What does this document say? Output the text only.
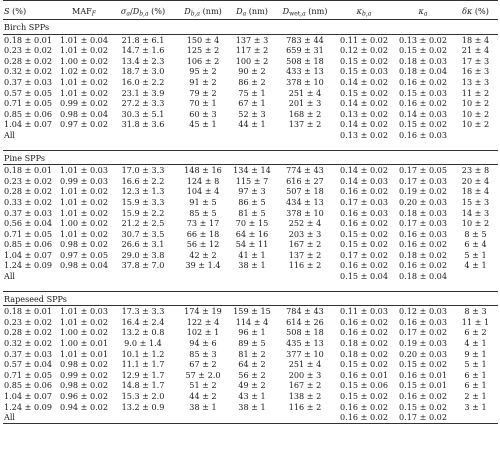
S (%)	$MAF_F$	$\sigma_a/D_{b,a}$ (%)	$D_{b,a}$ (nm)	$D_a$ (nm)	$D_{wet,a}$ (nm)	$\kappa_{b,a}$	$\kappa_a$	δκ (%)
Birch SPPs								
0.18 ± 0.01	1.01 ± 0.04	21.8 ± 6.1	150 ± 4	137 ± 3	783 ± 44	0.11 ± 0.02	0.13 ± 0.02	18 ± 4
0.23 ± 0.02	1.01 ± 0.02	14.7 ± 1.6	125 ± 2	117 ± 2	659 ± 31	0.12 ± 0.02	0.15 ± 0.02	21 ± 4
0.28 ± 0.02	1.00 ± 0.02	13.4 ± 2.3	106 ± 2	100 ± 2	508 ± 18	0.15 ± 0.02	0.18 ± 0.03	17 ± 3
0.32 ± 0.02	1.02 ± 0.02	18.7 ± 3.0	95 ± 2	90 ± 2	433 ± 13	0.15 ± 0.03	0.18 ± 0.04	16 ± 3
0.37 ± 0.03	1.01 ± 0.02	16.0 ± 2.2	91 ± 2	86 ± 2	378 ± 10	0.14 ± 0.02	0.16 ± 0.02	13 ± 3
0.57 ± 0.05	1.01 ± 0.02	23.1 ± 3.9	79 ± 2	75 ± 1	251 ± 4	0.15 ± 0.02	0.15 ± 0.03	11 ± 2
0.71 ± 0.05	0.99 ± 0.02	27.2 ± 3.3	70 ± 1	67 ± 1	201 ± 3	0.14 ± 0.02	0.16 ± 0.02	10 ± 2
0.85 ± 0.06	0.98 ± 0.04	30.3 ± 5.1	60 ± 3	52 ± 3	168 ± 2	0.13 ± 0.02	0.14 ± 0.03	10 ± 2
1.04 ± 0.07	0.97 ± 0.02	31.8 ± 3.6	45 ± 1	44 ± 1	137 ± 2	0.14 ± 0.02	0.15 ± 0.02	10 ± 2
All						0.13 ± 0.02	0.16 ± 0.03	

Pine SPPs								
0.18 ± 0.01	1.01 ± 0.03	17.0 ± 3.3	148 ± 16	134 ± 14	774 ± 43	0.14 ± 0.02	0.17 ± 0.05	23 ± 8
0.23 ± 0.02	0.99 ± 0.03	16.6 ± 2.2	124 ± 8	115 ± 7	616 ± 27	0.14 ± 0.03	0.17 ± 0.03	20 ± 4
0.28 ± 0.02	1.01 ± 0.02	12.3 ± 1.3	104 ± 4	97 ± 3	507 ± 18	0.16 ± 0.02	0.19 ± 0.02	18 ± 4
0.33 ± 0.02	1.01 ± 0.02	15.9 ± 3.3	91 ± 5	86 ± 5	434 ± 13	0.17 ± 0.03	0.20 ± 0.03	15 ± 3
0.37 ± 0.03	1.01 ± 0.02	15.9 ± 2.2	85 ± 5	81 ± 5	378 ± 10	0.16 ± 0.03	0.18 ± 0.03	14 ± 3
0.56 ± 0.04	1.00 ± 0.02	21.2 ± 2.5	73 ± 17	70 ± 15	252 ± 4	0.16 ± 0.02	0.17 ± 0.03	10 ± 2
0.71 ± 0.05	1.01 ± 0.02	30.7 ± 3.5	66 ± 18	64 ± 16	203 ± 3	0.15 ± 0.02	0.16 ± 0.03	8 ± 5
0.85 ± 0.06	0.98 ± 0.02	26.6 ± 3.1	56 ± 12	54 ± 11	167 ± 2	0.15 ± 0.02	0.16 ± 0.02	6 ± 4
1.04 ± 0.07	0.97 ± 0.05	29.0 ± 3.8	42 ± 2	41 ± 1	137 ± 2	0.17 ± 0.02	0.18 ± 0.02	5 ± 1
1.24 ± 0.09	0.98 ± 0.04	37.8 ± 7.0	39 ± 1.4	38 ± 1	116 ± 2	0.16 ± 0.02	0.16 ± 0.02	4 ± 1
All						0.15 ± 0.04	0.18 ± 0.04	

Rapeseed SPPs								
0.18 ± 0.01	1.01 ± 0.03	17.3 ± 3.3	174 ± 19	159 ± 15	784 ± 43	0.11 ± 0.03	0.12 ± 0.03	8 ± 3
0.23 ± 0.02	1.01 ± 0.02	16.4 ± 2.4	122 ± 4	114 ± 4	614 ± 26	0.16 ± 0.02	0.16 ± 0.03	11 ± 1
0.28 ± 0.02	1.00 ± 0.02	13.2 ± 0.8	102 ± 1	96 ± 1	508 ± 18	0.16 ± 0.02	0.17 ± 0.02	6 ± 2
0.32 ± 0.02	1.00 ± 0.01	9.0 ± 1.4	94 ± 6	89 ± 5	435 ± 13	0.18 ± 0.02	0.19 ± 0.03	4 ± 1
0.37 ± 0.03	1.01 ± 0.01	10.1 ± 1.2	85 ± 3	81 ± 2	377 ± 10	0.18 ± 0.02	0.20 ± 0.03	9 ± 1
0.57 ± 0.04	0.98 ± 0.02	11.1 ± 1.7	67 ± 2	64 ± 2	251 ± 4	0.15 ± 0.02	0.15 ± 0.02	5 ± 1
0.71 ± 0.05	0.99 ± 0.02	12.9 ± 1.7	57 ± 2.0	56 ± 2	200 ± 3	0.16 ± 0.01	0.16 ± 0.01	6 ± 1
0.85 ± 0.06	0.98 ± 0.02	14.8 ± 1.7	51 ± 2	49 ± 2	167 ± 2	0.15 ± 0.06	0.15 ± 0.01	6 ± 1
1.04 ± 0.07	0.96 ± 0.02	15.3 ± 2.0	44 ± 2	43 ± 1	138 ± 2	0.15 ± 0.02	0.16 ± 0.02	2 ± 1
1.24 ± 0.09	0.94 ± 0.02	13.2 ± 0.9	38 ± 1	38 ± 1	116 ± 2	0.16 ± 0.02	0.15 ± 0.02	3 ± 1
All						0.16 ± 0.02	0.17 ± 0.02	
